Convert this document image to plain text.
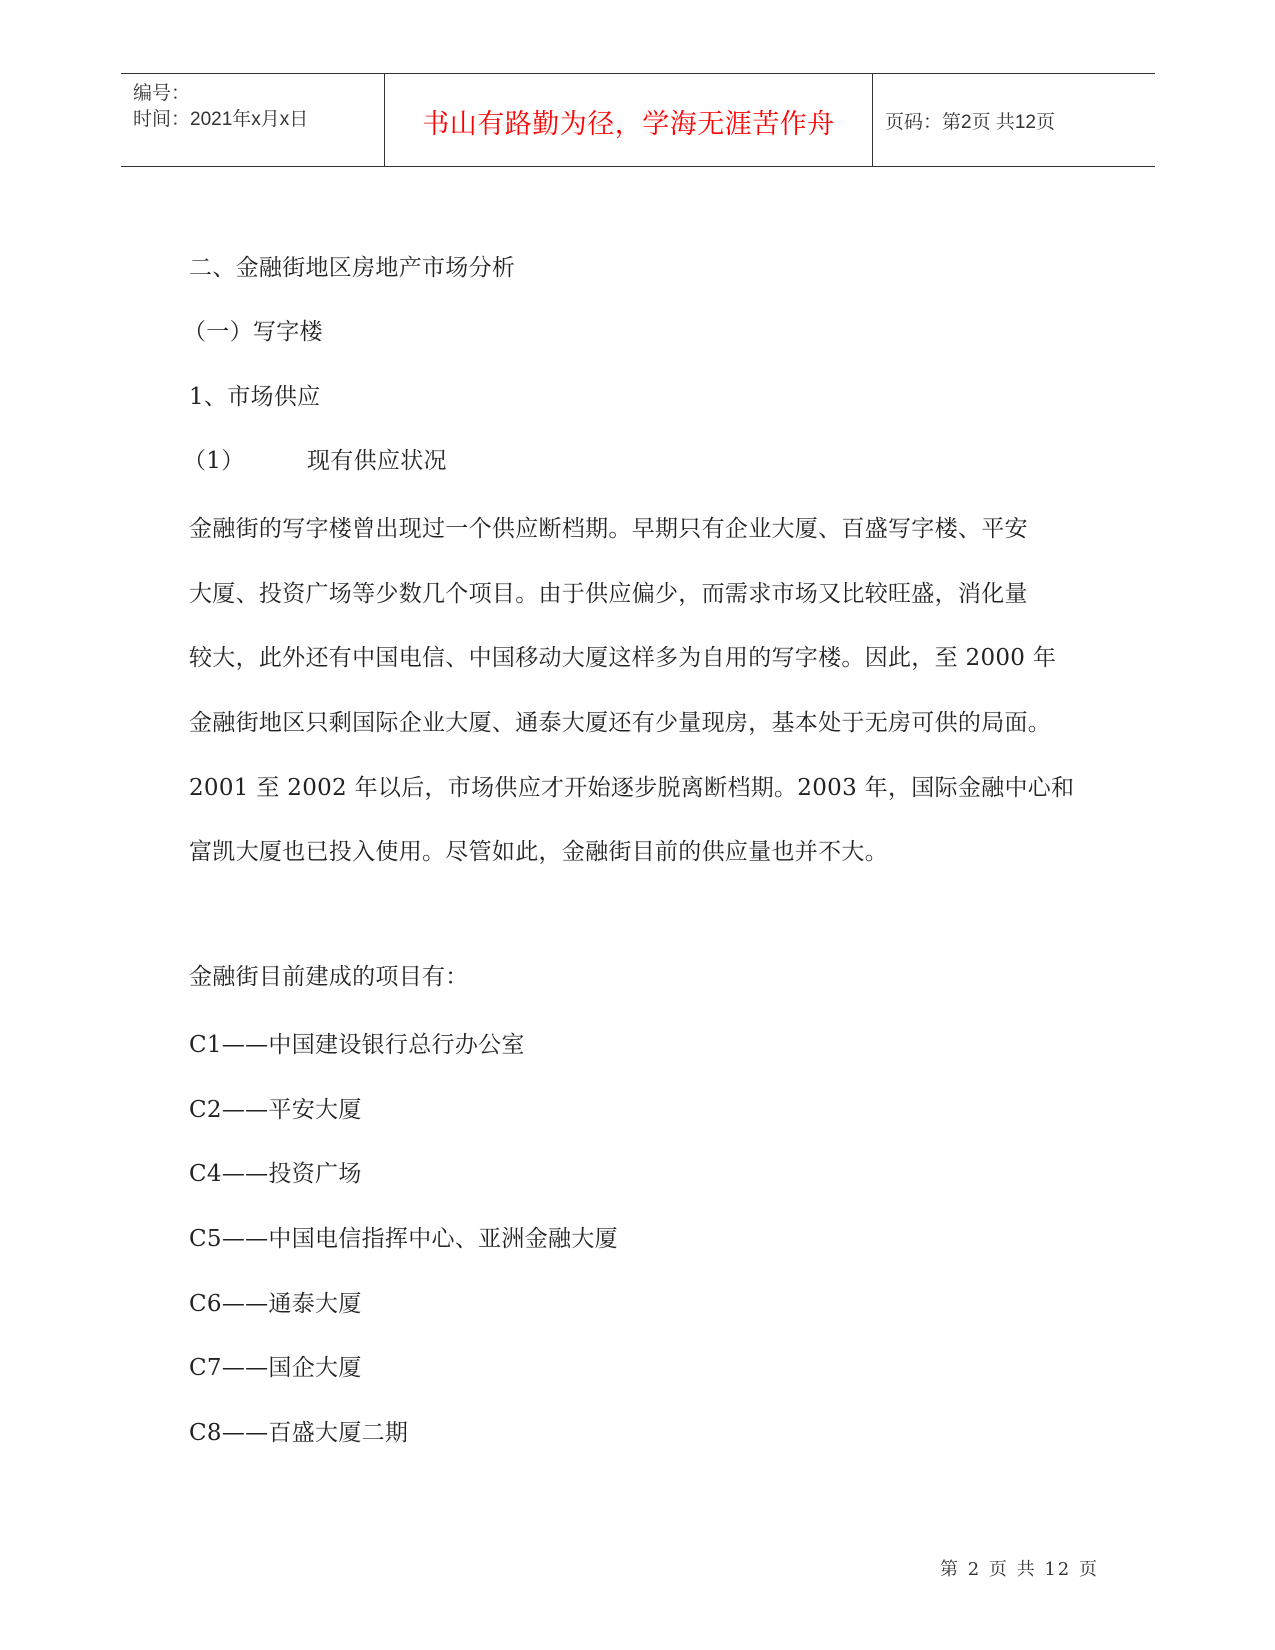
编号：
时间：2021年x月x日	书山有路勤为径，学海无涯苦作舟	页码：第2页 共12页
二、金融街地区房地产市场分析
（一）写字楼
1、市场供应
（1）	现有供应状况
金融街的写字楼曾出现过一个供应断档期。早期只有企业大厦、百盛写字楼、平安
大厦、投资广场等少数几个项目。由于供应偏少，而需求市场又比较旺盛，消化量
较大，此外还有中国电信、中国移动大厦这样多为自用的写字楼。因此，至 2000 年
金融街地区只剩国际企业大厦、通泰大厦还有少量现房，基本处于无房可供的局面。
2001 至 2002 年以后，市场供应才开始逐步脱离断档期。2003 年，国际金融中心和
富凯大厦也已投入使用。尽管如此，金融街目前的供应量也并不大。
金融街目前建成的项目有：
C1——中国建设银行总行办公室
C2——平安大厦
C4——投资广场
C5——中国电信指挥中心、亚洲金融大厦
C6——通泰大厦
C7——国企大厦
C8——百盛大厦二期
第 2 页 共 12 页
